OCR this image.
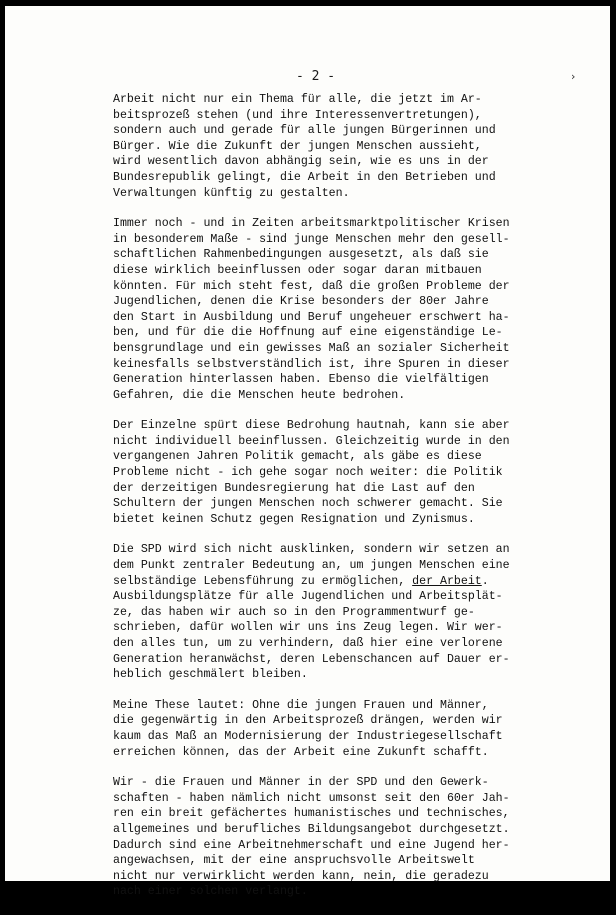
- 2 -	›

Arbeit nicht nur ein Thema für alle, die jetzt im Ar-
beitsprozeß stehen (und ihre Interessenvertretungen),
sondern auch und gerade für alle jungen Bürgerinnen und
Bürger. Wie die Zukunft der jungen Menschen aussieht,
wird wesentlich davon abhängig sein, wie es uns in der
Bundesrepublik gelingt, die Arbeit in den Betrieben und
Verwaltungen künftig zu gestalten.

Immer noch - und in Zeiten arbeitsmarktpolitischer Krisen
in besonderem Maße - sind junge Menschen mehr den gesell-
schaftlichen Rahmenbedingungen ausgesetzt, als daß sie
diese wirklich beeinflussen oder sogar daran mitbauen
könnten. Für mich steht fest, daß die großen Probleme der
Jugendlichen, denen die Krise besonders der 80er Jahre
den Start in Ausbildung und Beruf ungeheuer erschwert ha-
ben, und für die die Hoffnung auf eine eigenständige Le-
bensgrundlage und ein gewisses Maß an sozialer Sicherheit
keinesfalls selbstverständlich ist, ihre Spuren in dieser
Generation hinterlassen haben. Ebenso die vielfältigen
Gefahren, die die Menschen heute bedrohen.

Der Einzelne spürt diese Bedrohung hautnah, kann sie aber
nicht individuell beeinflussen. Gleichzeitig wurde in den
vergangenen Jahren Politik gemacht, als gäbe es diese
Probleme nicht - ich gehe sogar noch weiter: die Politik
der derzeitigen Bundesregierung hat die Last auf den
Schultern der jungen Menschen noch schwerer gemacht. Sie
bietet keinen Schutz gegen Resignation und Zynismus.

Die SPD wird sich nicht ausklinken, sondern wir setzen an
dem Punkt zentraler Bedeutung an, um jungen Menschen eine
selbständige Lebensführung zu ermöglichen, der Arbeit.
Ausbildungsplätze für alle Jugendlichen und Arbeitsplät-
ze, das haben wir auch so in den Programmentwurf ge-
schrieben, dafür wollen wir uns ins Zeug legen. Wir wer-
den alles tun, um zu verhindern, daß hier eine verlorene
Generation heranwächst, deren Lebenschancen auf Dauer er-
heblich geschmälert bleiben.

Meine These lautet: Ohne die jungen Frauen und Männer,
die gegenwärtig in den Arbeitsprozeß drängen, werden wir
kaum das Maß an Modernisierung der Industriegesellschaft
erreichen können, das der Arbeit eine Zukunft schafft.

Wir - die Frauen und Männer in der SPD und den Gewerk-
schaften - haben nämlich nicht umsonst seit den 60er Jah-
ren ein breit gefächertes humanistisches und technisches,
allgemeines und berufliches Bildungsangebot durchgesetzt.
Dadurch sind eine Arbeitnehmerschaft und eine Jugend her-
angewachsen, mit der eine anspruchsvolle Arbeitswelt
nicht nur verwirklicht werden kann, nein, die geradezu
nach einer solchen verlangt.
